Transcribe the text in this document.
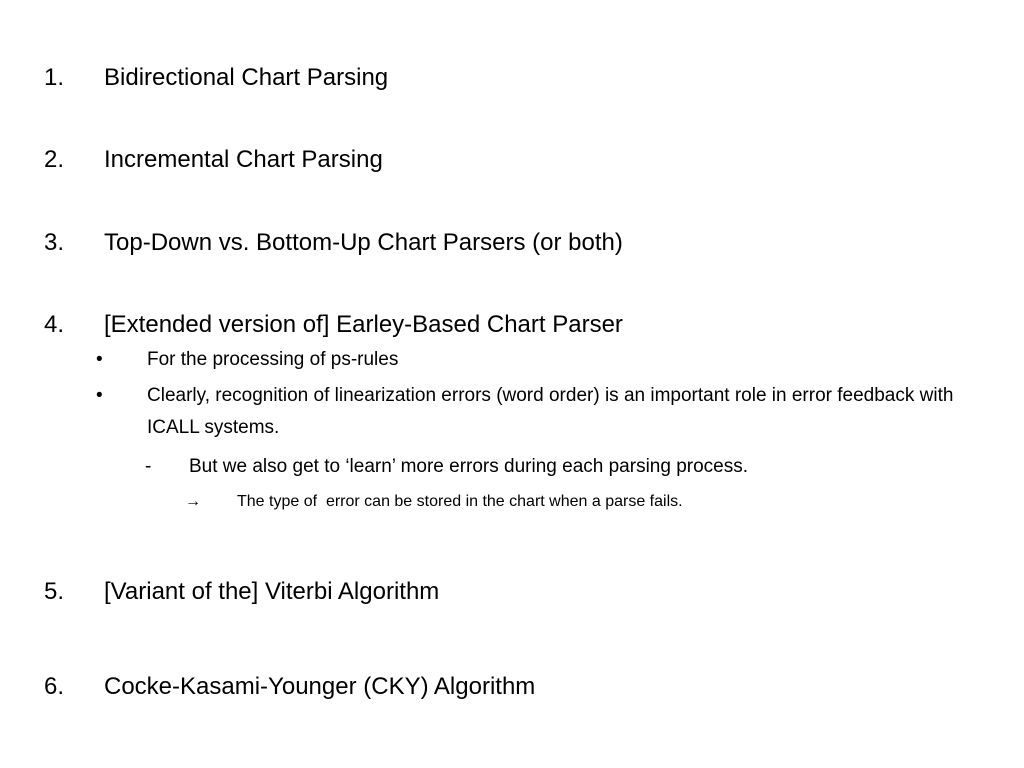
1. Bidirectional Chart Parsing
2. Incremental Chart Parsing
3. Top-Down vs. Bottom-Up Chart Parsers (or both)
4. [Extended version of] Earley-Based Chart Parser
• For the processing of ps-rules
• Clearly, recognition of linearization errors (word order) is an important role in error feedback with ICALL systems.
- But we also get to ‘learn’ more errors during each parsing process.
→ The type of  error can be stored in the chart when a parse fails.
5. [Variant of the] Viterbi Algorithm
6. Cocke-Kasami-Younger (CKY) Algorithm
